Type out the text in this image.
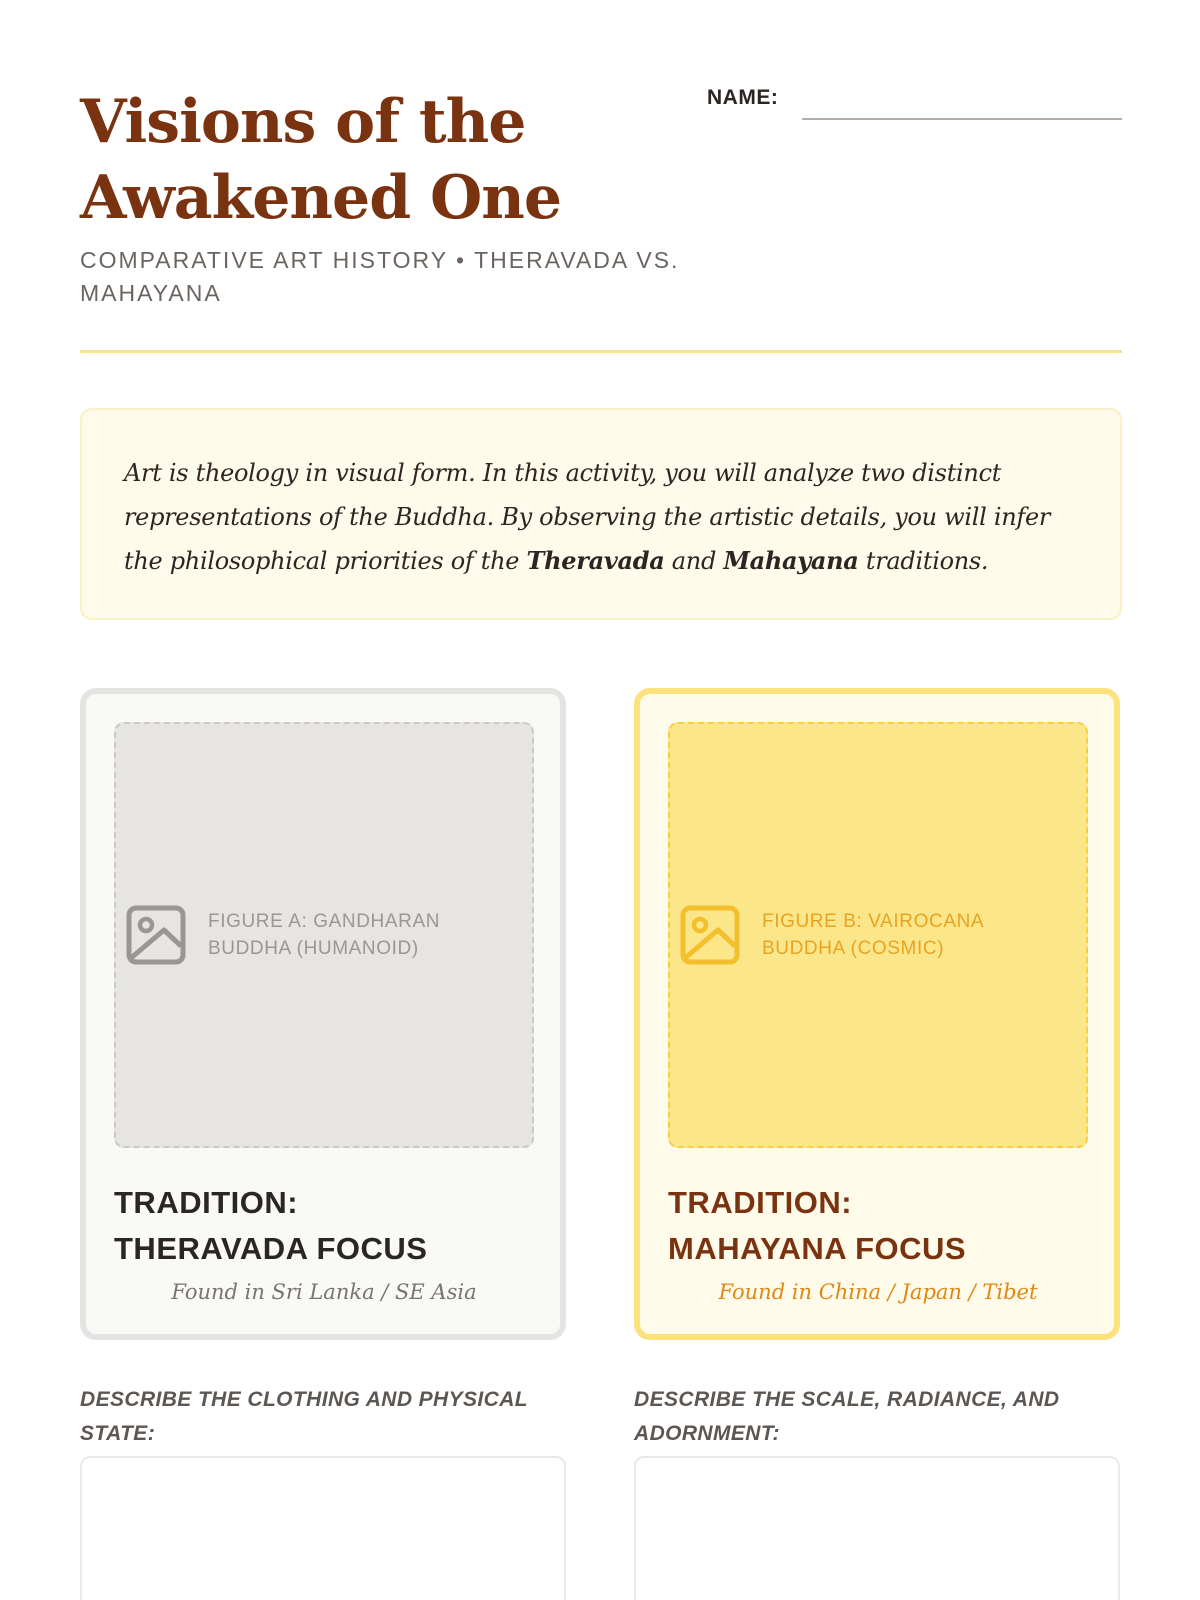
Visions of the
Awakened One
COMPARATIVE ART HISTORY • THERAVADA VS. MAHAYANA
NAME:

Art is theology in visual form. In this activity, you will analyze two distinct representations of the Buddha. By observing the artistic details, you will infer the philosophical priorities of the Theravada and Mahayana traditions.

FIGURE A: GANDHARAN BUDDHA (HUMANOID)
TRADITION:
THERAVADA FOCUS
Found in Sri Lanka / SE Asia
FIGURE B: VAIROCANA BUDDHA (COSMIC)
TRADITION:
MAHAYANA FOCUS
Found in China / Japan / Tibet
DESCRIBE THE CLOTHING AND PHYSICAL STATE:
DESCRIBE THE SCALE, RADIANCE, AND ADORNMENT:
